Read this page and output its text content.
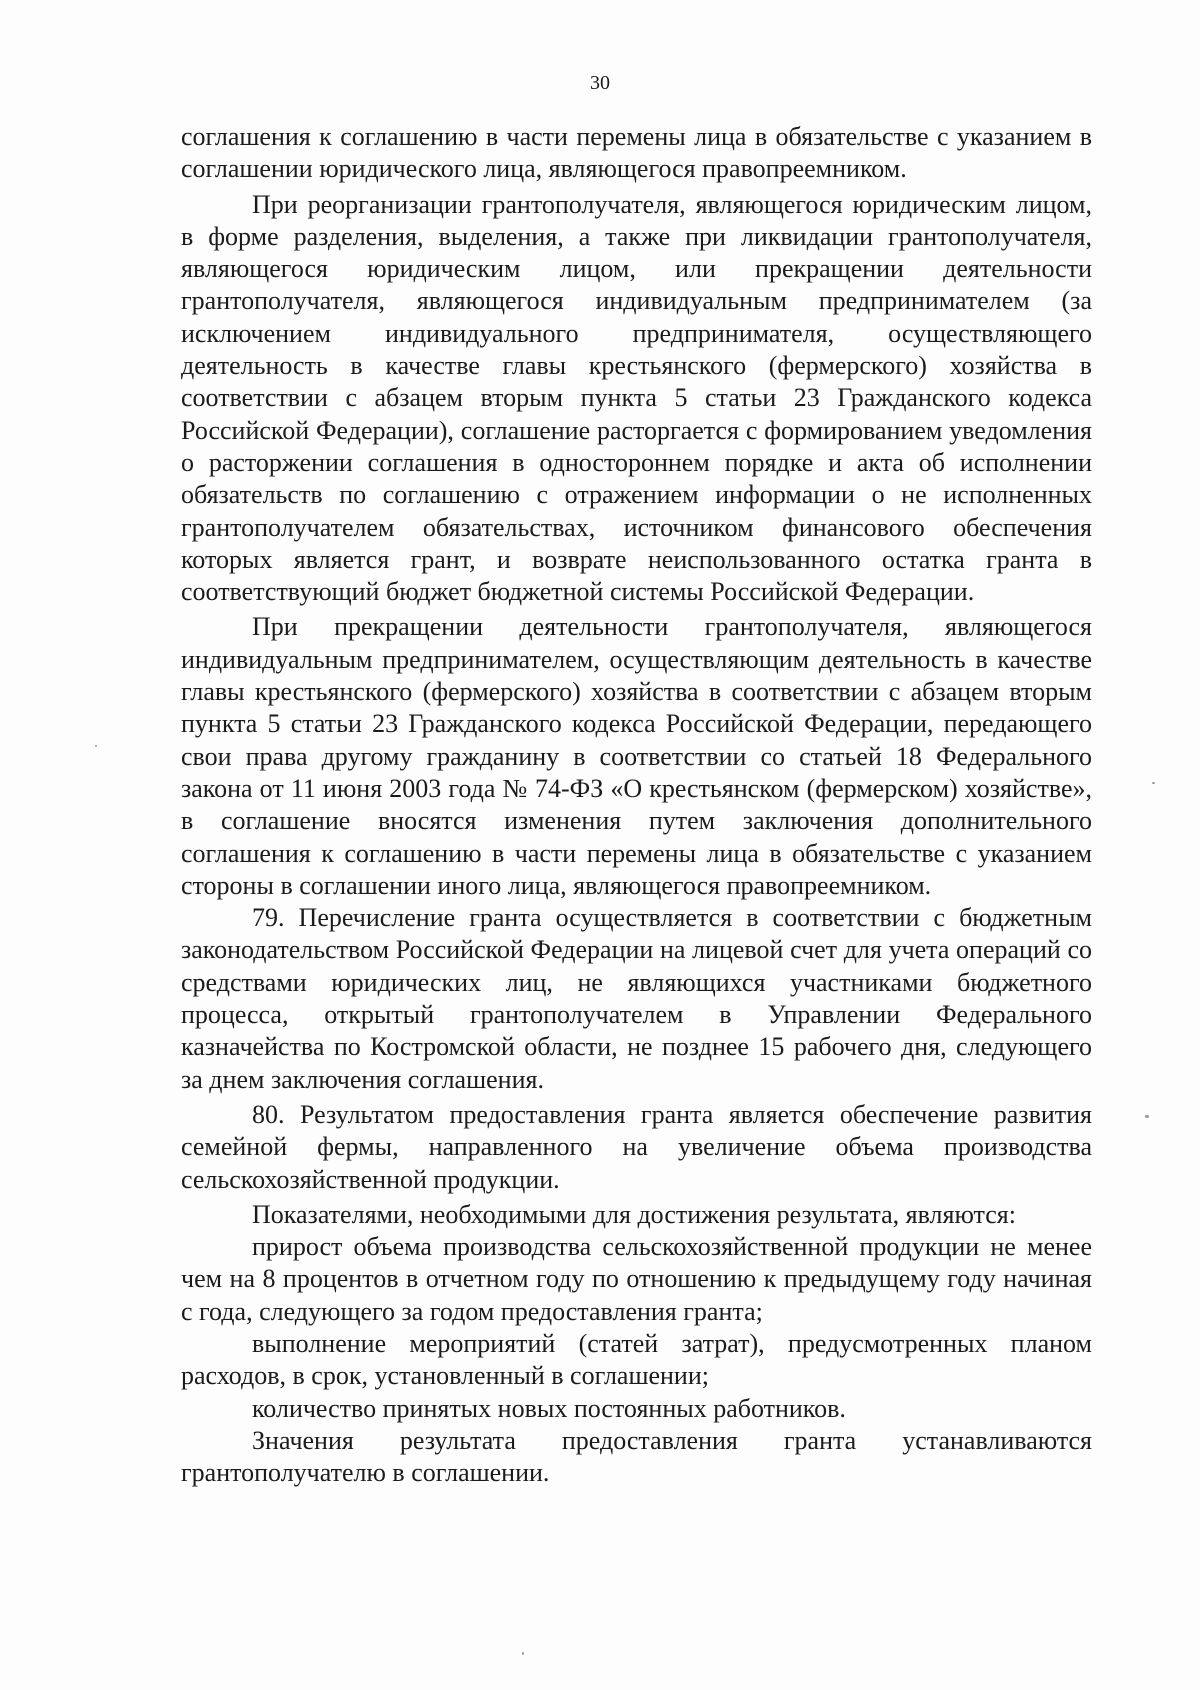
30

соглашения к соглашению в части перемены лица в обязательстве с указанием в соглашении юридического лица, являющегося правопреемником.

При реорганизации грантополучателя, являющегося юридическим лицом, в форме разделения, выделения, а также при ликвидации грантополучателя, являющегося юридическим лицом, или прекращении деятельности грантополучателя, являющегося индивидуальным предпринимателем (за исключением индивидуального предпринимателя, осуществляющего деятельность в качестве главы крестьянского (фермерского) хозяйства в соответствии с абзацем вторым пункта 5 статьи 23 Гражданского кодекса Российской Федерации), соглашение расторгается с формированием уведомления о расторжении соглашения в одностороннем порядке и акта об исполнении обязательств по соглашению с отражением информации о не исполненных грантополучателем обязательствах, источником финансового обеспечения которых является грант, и возврате неиспользованного остатка гранта в соответствующий бюджет бюджетной системы Российской Федерации.

При прекращении деятельности грантополучателя, являющегося индивидуальным предпринимателем, осуществляющим деятельность в качестве главы крестьянского (фермерского) хозяйства в соответствии с абзацем вторым пункта 5 статьи 23 Гражданского кодекса Российской Федерации, передающего свои права другому гражданину в соответствии со статьей 18 Федерального закона от 11 июня 2003 года № 74-ФЗ «О крестьянском (фермерском) хозяйстве», в соглашение вносятся изменения путем заключения дополнительного соглашения к соглашению в части перемены лица в обязательстве с указанием стороны в соглашении иного лица, являющегося правопреемником.

79. Перечисление гранта осуществляется в соответствии с бюджетным законодательством Российской Федерации на лицевой счет для учета операций со средствами юридических лиц, не являющихся участниками бюджетного процесса, открытый грантополучателем в Управлении Федерального казначейства по Костромской области, не позднее 15 рабочего дня, следующего за днем заключения соглашения.

80. Результатом предоставления гранта является обеспечение развития семейной фермы, направленного на увеличение объема производства сельскохозяйственной продукции.

Показателями, необходимыми для достижения результата, являются:

прирост объема производства сельскохозяйственной продукции не менее чем на 8 процентов в отчетном году по отношению к предыдущему году начиная с года, следующего за годом предоставления гранта;

выполнение мероприятий (статей затрат), предусмотренных планом расходов, в срок, установленный в соглашении;

количество принятых новых постоянных работников.

Значения результата предоставления гранта устанавливаются грантополучателю в соглашении.
